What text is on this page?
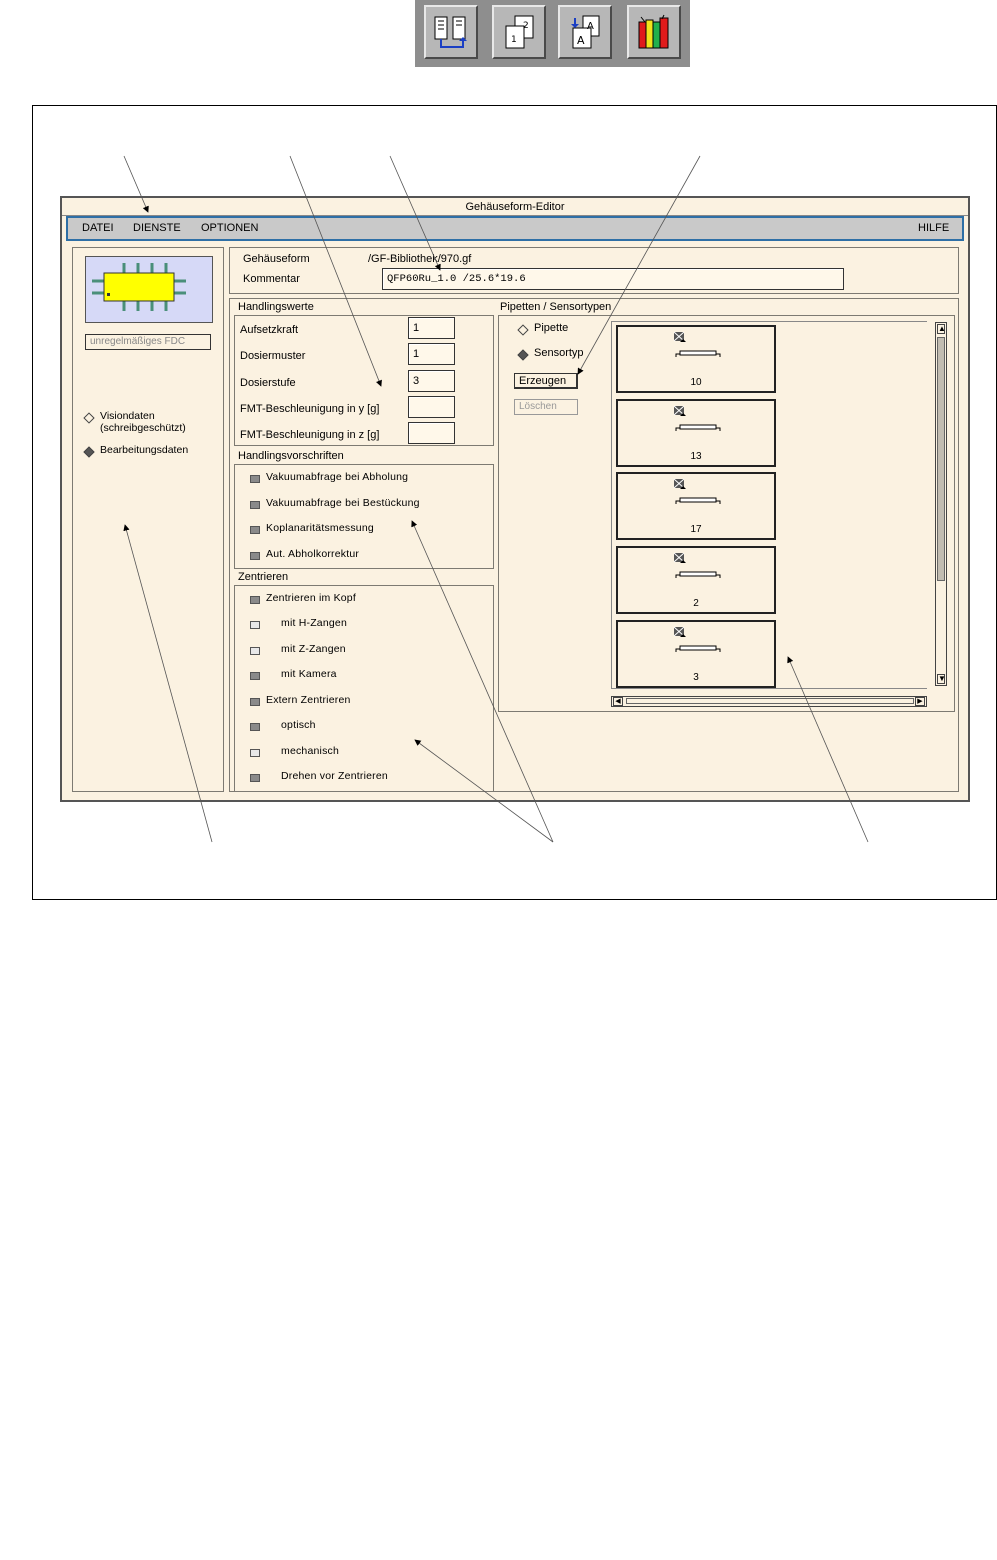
2
1
A
A
Gehäuseform-Editor
DATEI DIENSTE OPTIONEN	HILFE
unregelmäßiges FDC
Visiondaten
(schreibgeschützt)
Bearbeitungsdaten
Gehäuseform	/GF-Bibliothek/970.gf
Kommentar	QFP60Ru_1.0 /25.6*19.6
Handlingswerte
Aufsetzkraft	1
Dosiermuster	1
Dosierstufe	3
FMT-Beschleunigung in y [g]
FMT-Beschleunigung in z [g]
Handlingsvorschriften
Vakuumabfrage bei Abholung
Vakuumabfrage bei Bestückung
Koplanaritätsmessung
Aut. Abholkorrektur
Zentrieren
Zentrieren im Kopf
mit H-Zangen
mit Z-Zangen
mit Kamera
Extern Zentrieren
optisch
mechanisch
Drehen vor Zentrieren
Pipetten / Sensortypen
Pipette
Sensortyp
Erzeugen
Löschen
10
13
17
2
3
▲
▼
◀	▶
